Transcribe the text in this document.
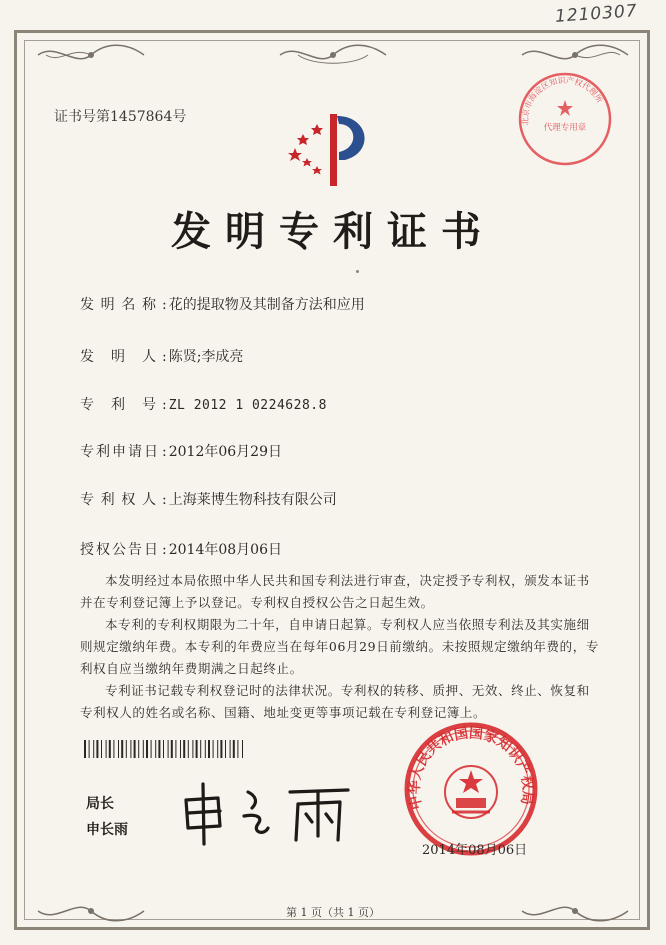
1210307
证书号第1457864号
发明专利证书
发明名称 : 花的提取物及其制备方法和应用
发明人 : 陈贤;李成亮
专利号 : ZL 2012 1 0224628.8
专利申请日 : 2012年06月29日
专利权人 : 上海莱博生物科技有限公司
授权公告日 : 2014年08月06日

本发明经过本局依照中华人民共和国专利法进行审查，决定授予专利权，颁发本证书并在专利登记簿上予以登记。专利权自授权公告之日起生效。

本专利的专利权期限为二十年，自申请日起算。专利权人应当依照专利法及其实施细则规定缴纳年费。本专利的年费应当在每年06月29日前缴纳。未按照规定缴纳年费的，专利权自应当缴纳年费期满之日起终止。

专利证书记载专利权登记时的法律状况。专利权的转移、质押、无效、终止、恢复和专利权人的姓名或名称、国籍、地址变更等事项记载在专利登记簿上。

局长
申长雨
中华人民共和国国家知识产权局
2014年08月06日
北京市海淀区知识产权代理所
代理专用章
第 1 页（共 1 页）
